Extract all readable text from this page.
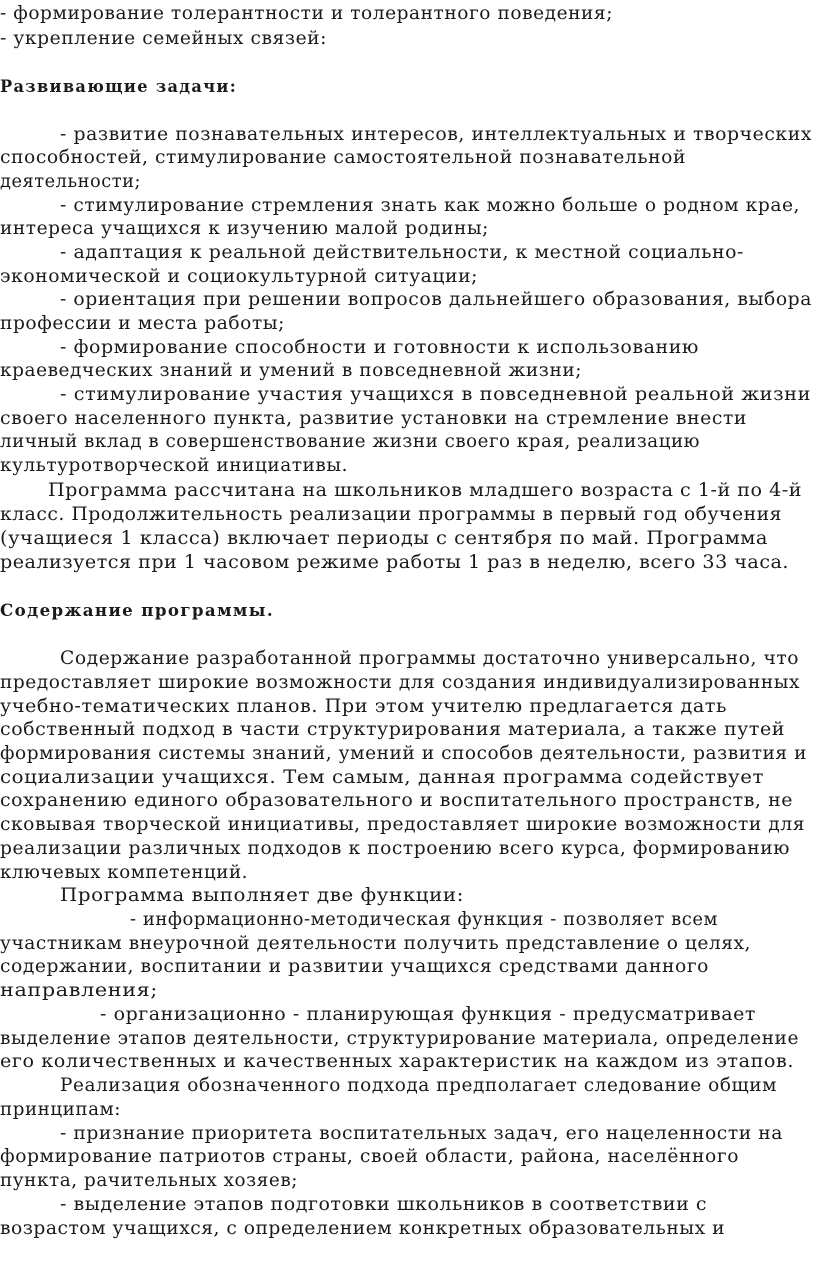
- формирование толерантности и толерантного поведения;
- укрепление семейных связей:
Развивающие задачи:
- развитие познавательных интересов, интеллектуальных и творческих
способностей, стимулирование самостоятельной познавательной
деятельности;
- стимулирование стремления знать как можно больше о родном крае,
интереса учащихся к изучению малой родины;
- адаптация к реальной действительности, к местной социально-
экономической и социокультурной ситуации;
- ориентация при решении вопросов дальнейшего образования, выбора
профессии и места работы;
- формирование способности и готовности к использованию
краеведческих знаний и умений в повседневной жизни;
- стимулирование участия учащихся в повседневной реальной жизни
своего населенного пункта, развитие установки на стремление внести
личный вклад в совершенствование жизни своего края, реализацию
культуротворческой инициативы.
Программа рассчитана на школьников младшего возраста с 1-й по 4-й
класс. Продолжительность реализации программы в первый год обучения
(учащиеся 1 класса) включает периоды с сентября по май. Программа
реализуется при 1 часовом режиме работы 1 раз в неделю, всего 33 часа.
Содержание программы.
Содержание разработанной программы достаточно универсально, что
предоставляет широкие возможности для создания индивидуализированных
учебно-тематических планов. При этом учителю предлагается дать
собственный подход в части структурирования материала, а также путей
формирования системы знаний, умений и способов деятельности, развития и
социализации учащихся. Тем самым, данная программа содействует
сохранению единого образовательного и воспитательного пространств, не
сковывая творческой инициативы, предоставляет широкие возможности для
реализации различных подходов к построению всего курса, формированию
ключевых компетенций.
Программа выполняет две функции:
- информационно-методическая функция - позволяет всем
участникам внеурочной деятельности получить представление о целях,
содержании, воспитании и развитии учащихся средствами данного
направления;
- организационно - планирующая функция - предусматривает
выделение этапов деятельности, структурирование материала, определение
его количественных и качественных характеристик на каждом из этапов.
Реализация обозначенного подхода предполагает следование общим
принципам:
- признание приоритета воспитательных задач, его нацеленности на
формирование патриотов страны, своей области, района, населённого
пункта, рачительных хозяев;
- выделение этапов подготовки школьников в соответствии с
возрастом учащихся, с определением конкретных образовательных и
